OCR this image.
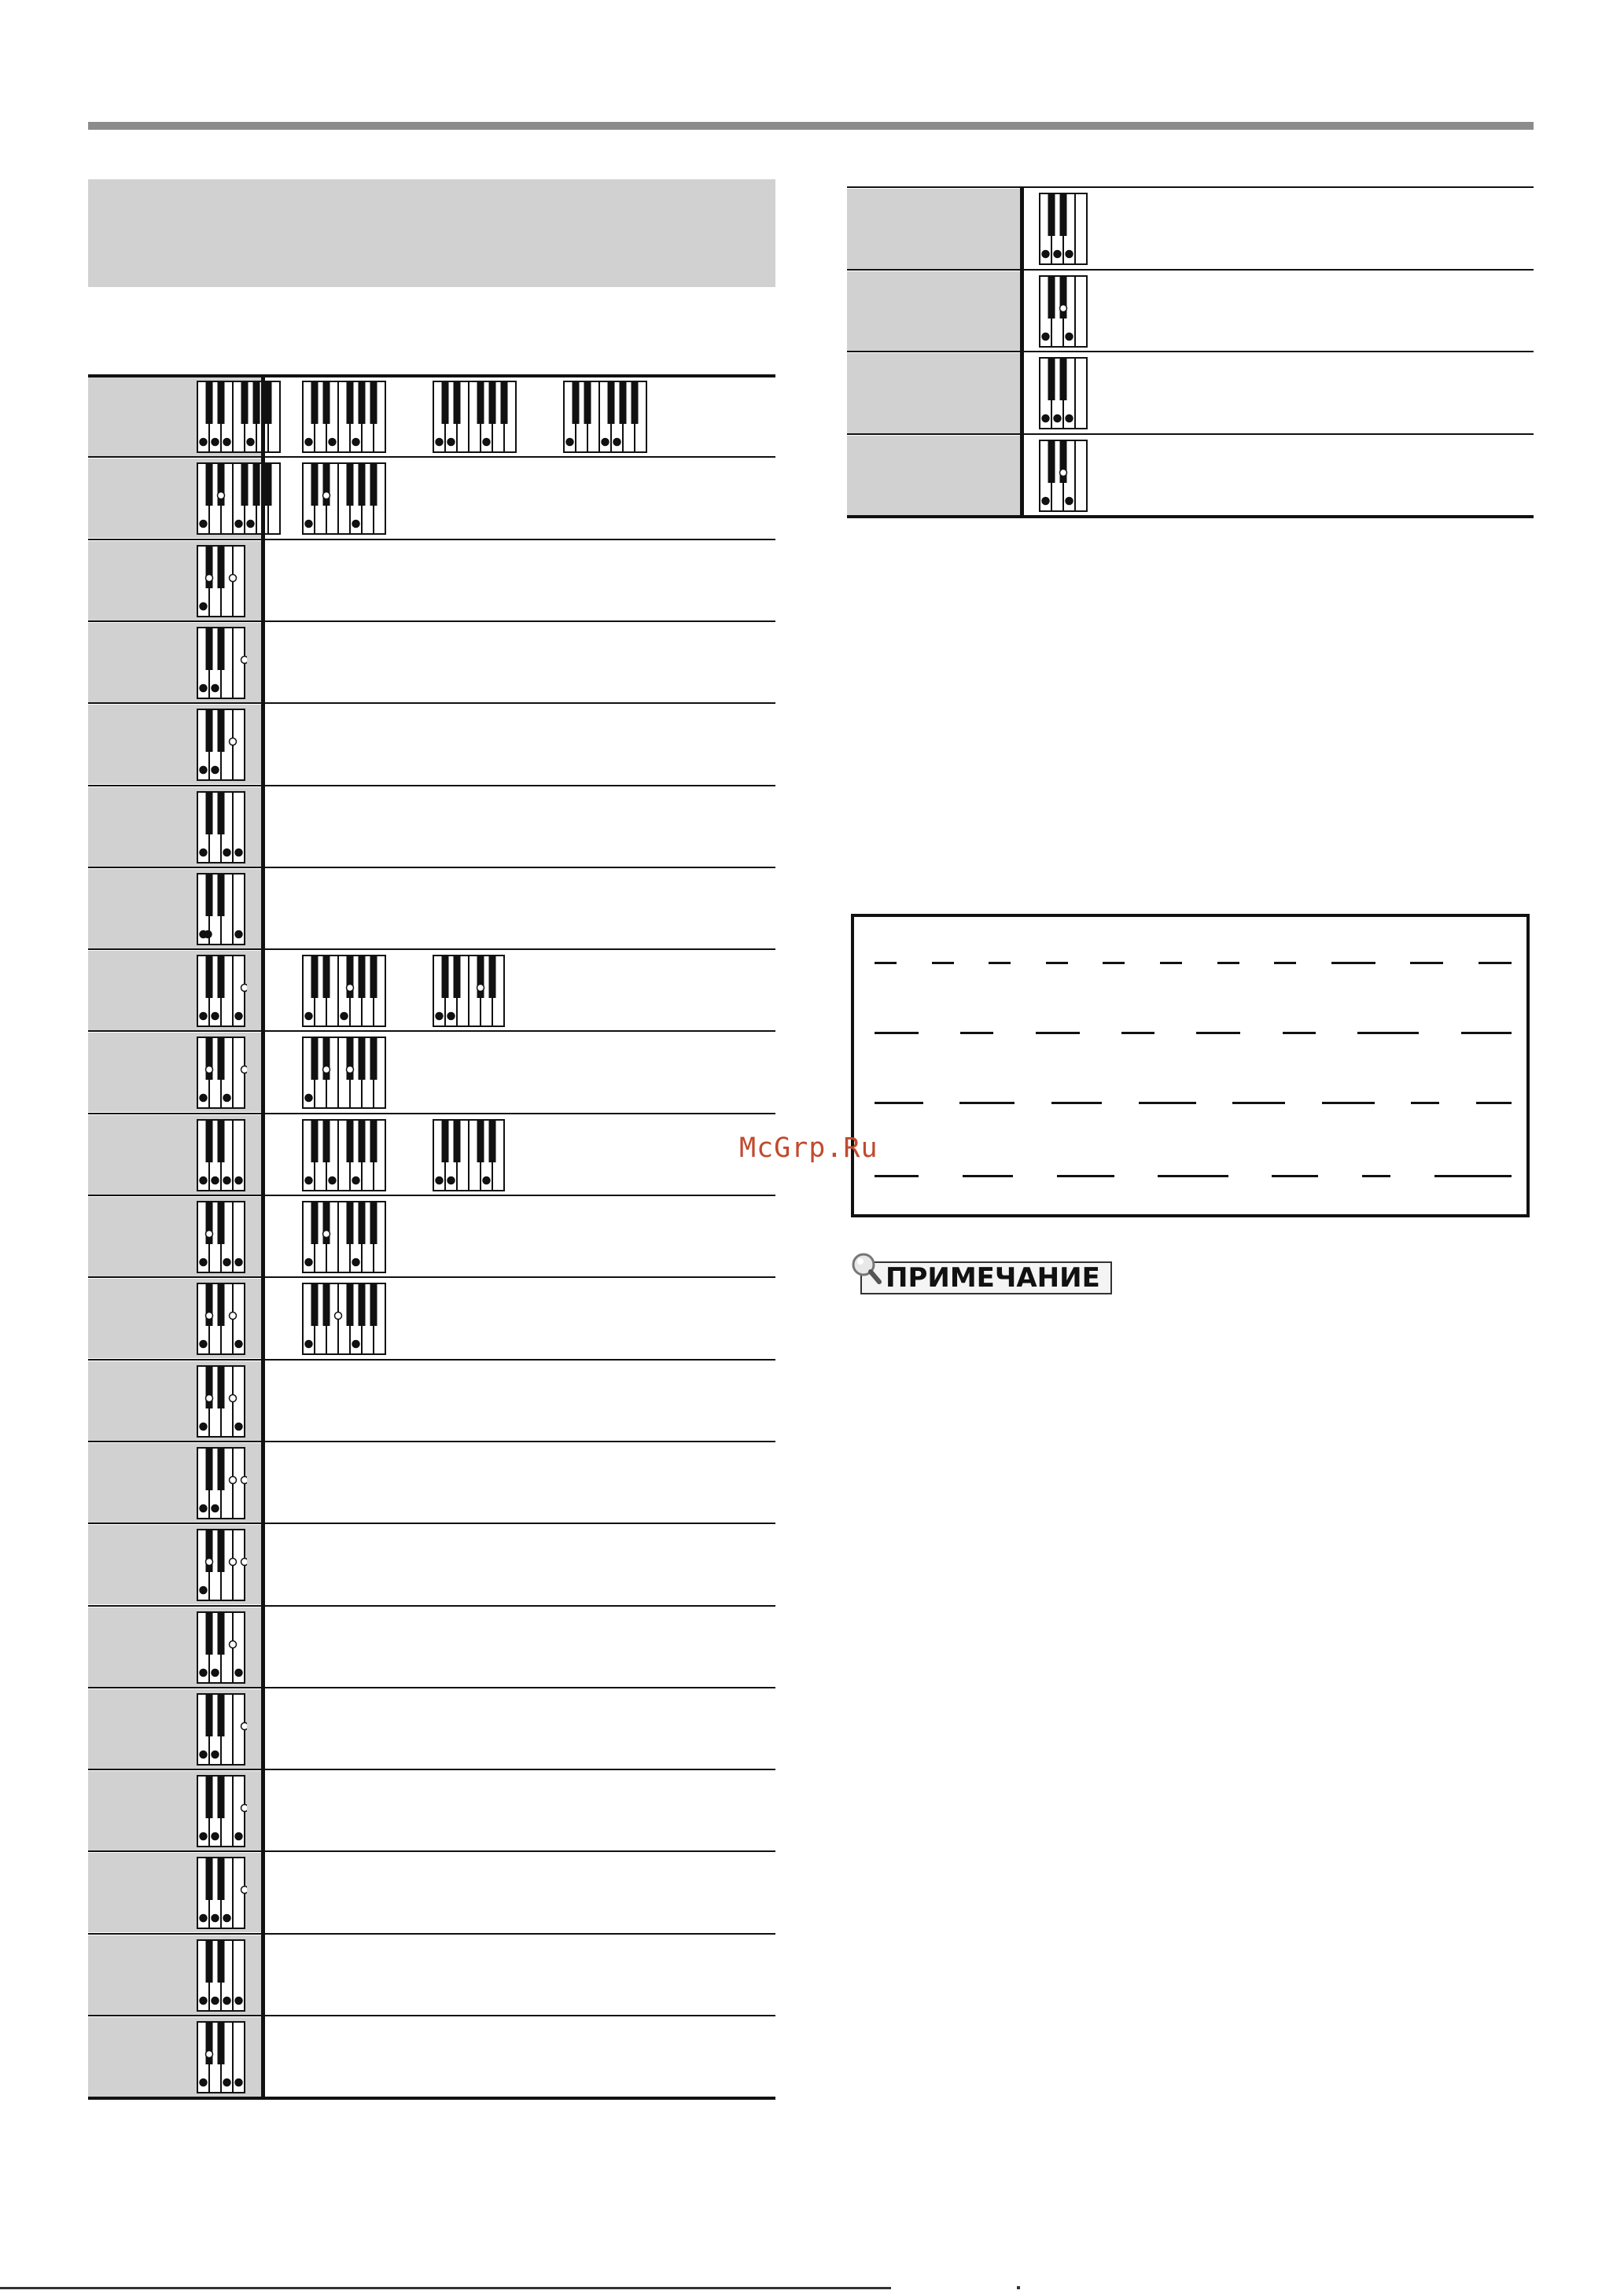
McGrp.Ru
ПРИМЕЧАНИЕ
